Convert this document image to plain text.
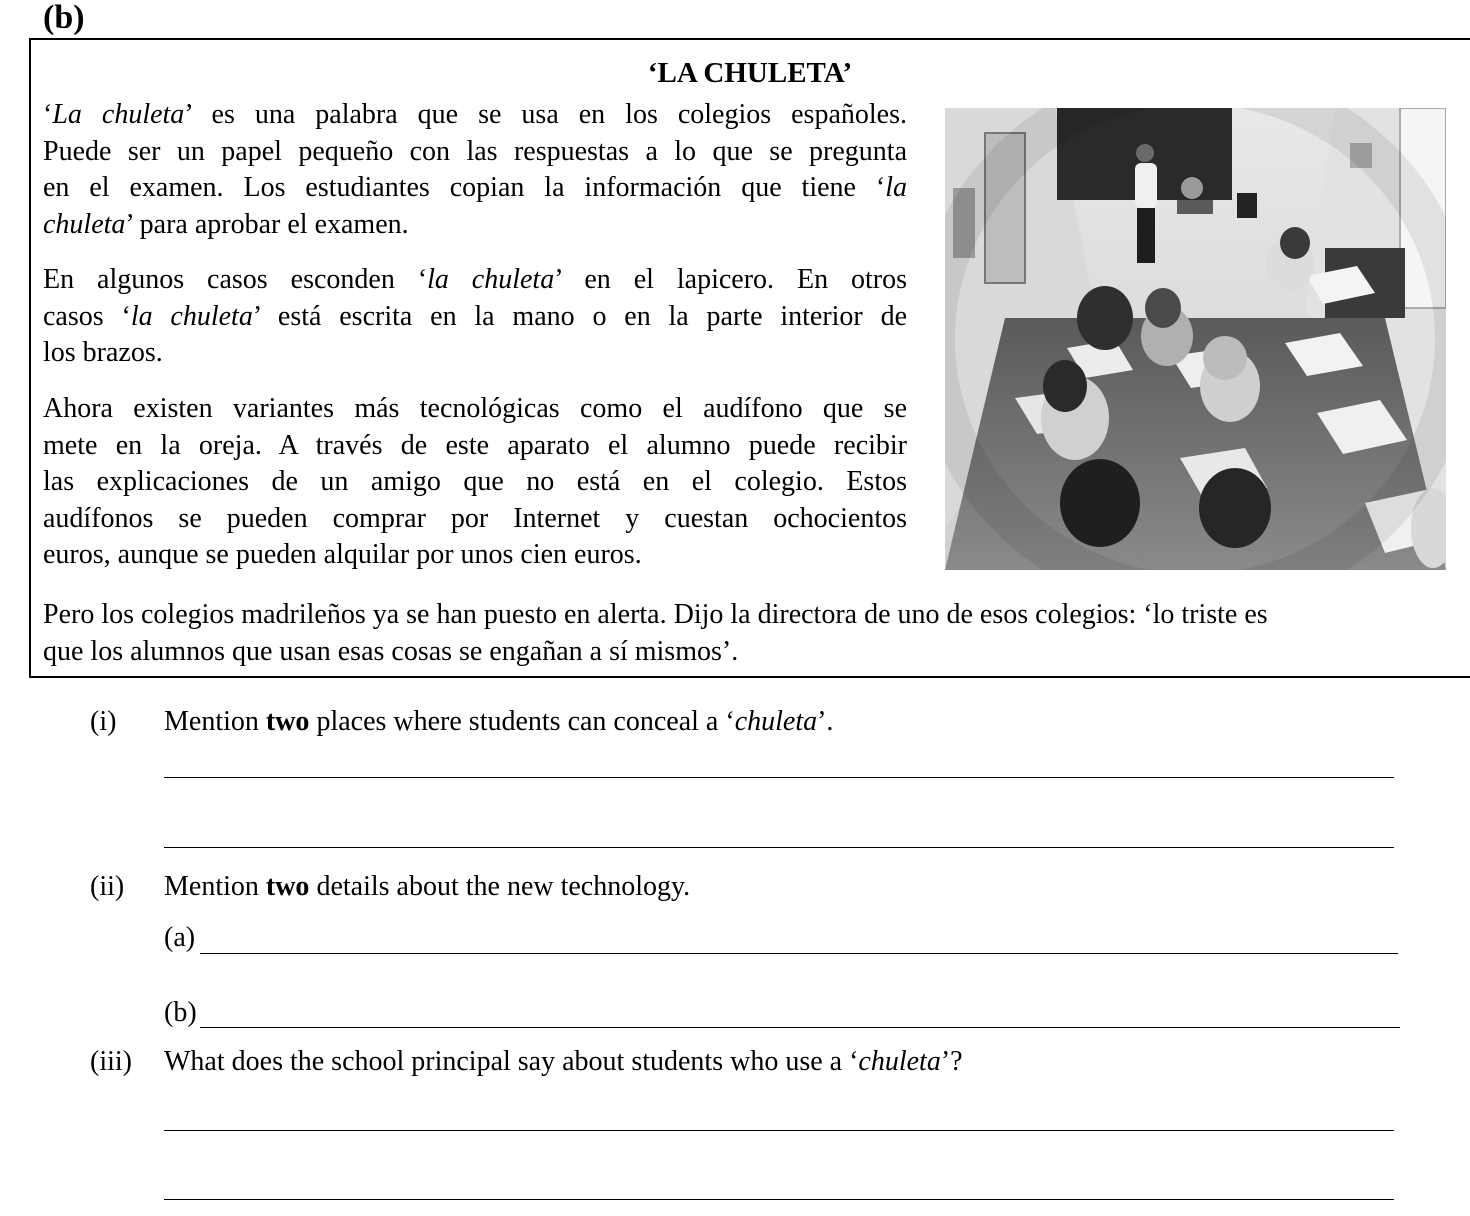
(b)
‘LA CHULETA’

‘La chuleta’ es una palabra que se usa en los colegios españoles.
Puede ser un papel pequeño con las respuestas a lo que se pregunta
en el examen. Los estudiantes copian la información que tiene ‘la
chuleta’ para aprobar el examen.

En algunos casos esconden ‘la chuleta’ en el lapicero. En otros
casos ‘la chuleta’ está escrita en la mano o en la parte interior de
los brazos.

Ahora existen variantes más tecnológicas como el audífono que se
mete en la oreja. A través de este aparato el alumno puede recibir
las explicaciones de un amigo que no está en el colegio. Estos
audífonos se pueden comprar por Internet y cuestan ochocientos
euros, aunque se pueden alquilar por unos cien euros.

Pero los colegios madrileños ya se han puesto en alerta. Dijo la directora de uno de esos colegios: ‘lo triste es
que los alumnos que usan esas cosas se engañan a sí mismos’.

(i) Mention two places where students can conceal a ‘chuleta’.
(ii) Mention two details about the new technology.
(a)
(b)
(iii) What does the school principal say about students who use a ‘chuleta’?
